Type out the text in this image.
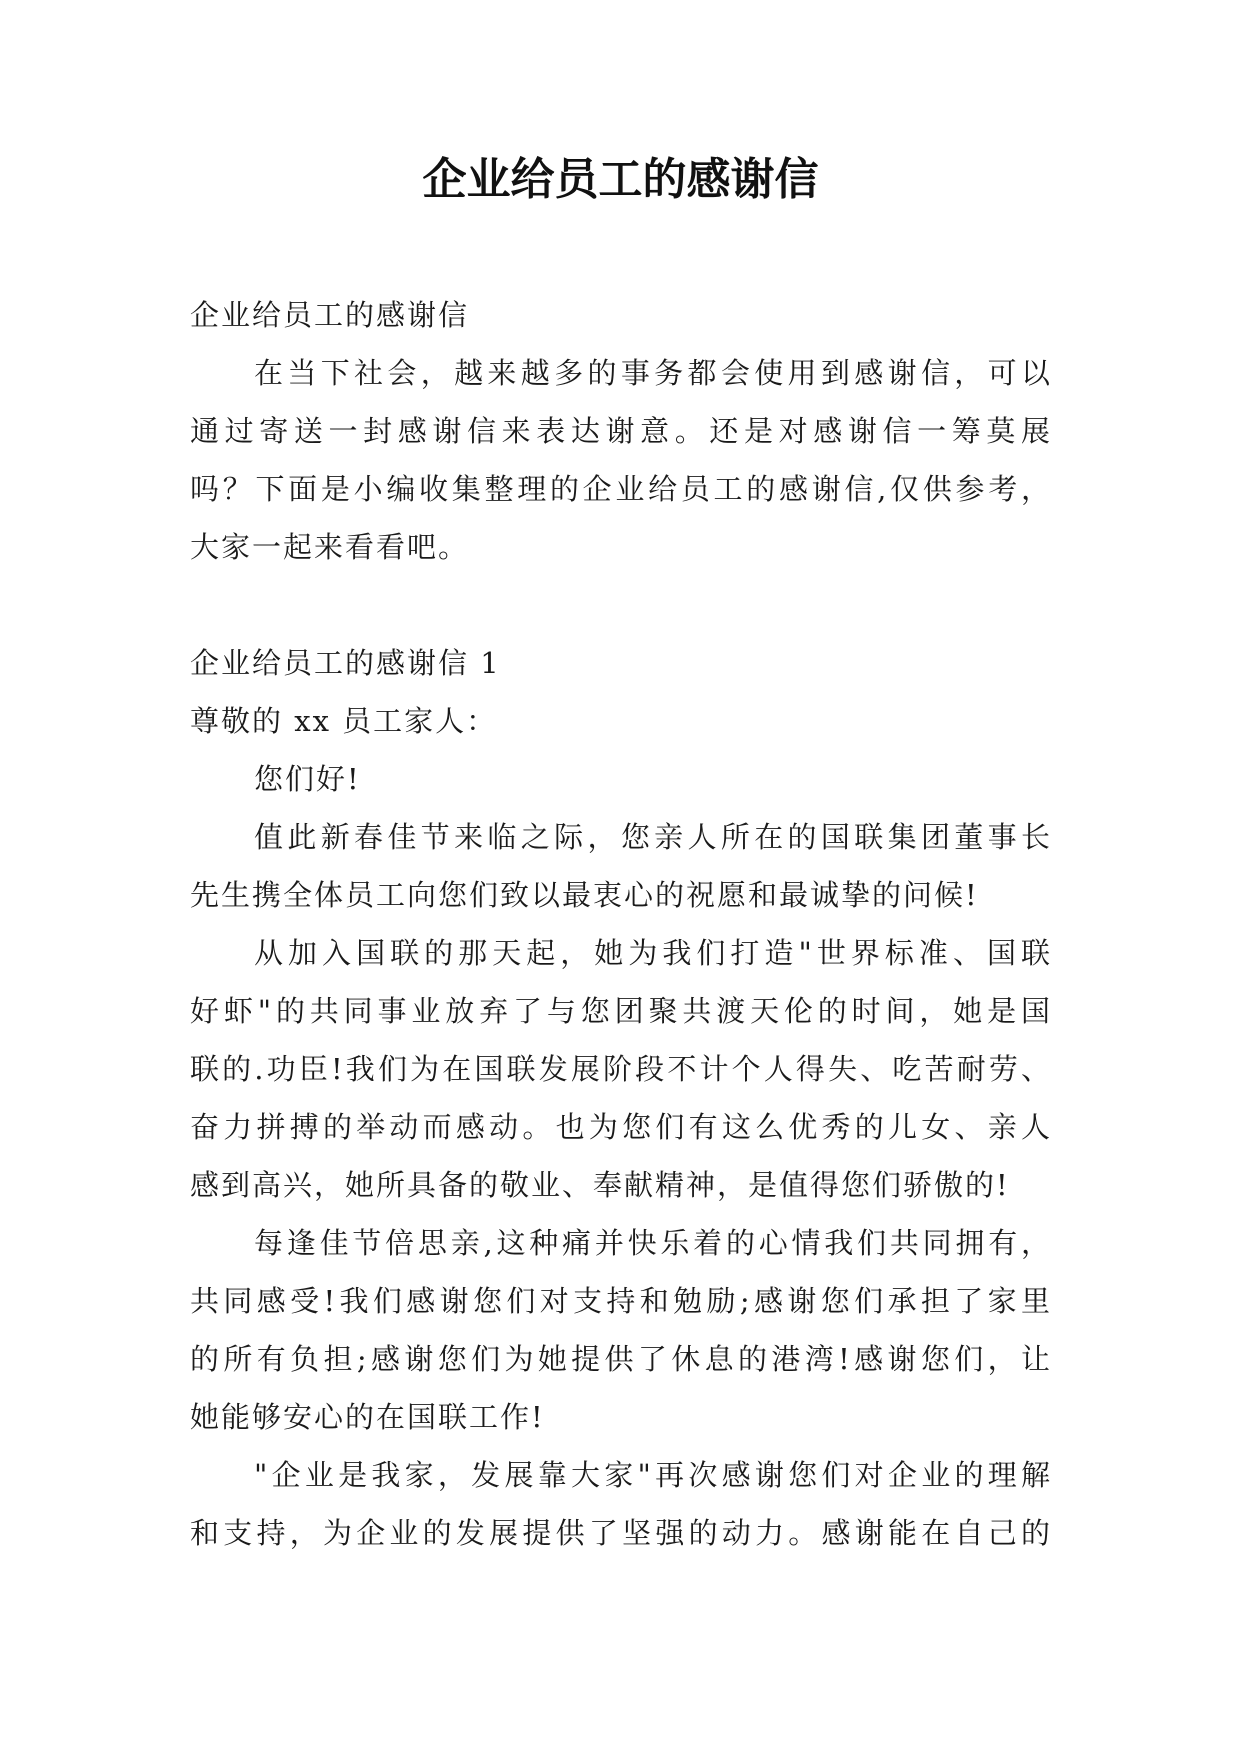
企业给员工的感谢信
企业给员工的感谢信
在当下社会，越来越多的事务都会使用到感谢信，可以
通过寄送一封感谢信来表达谢意。还是对感谢信一筹莫展
吗？下面是小编收集整理的企业给员工的感谢信,仅供参考，
大家一起来看看吧。
企业给员工的感谢信 1
尊敬的 xx 员工家人：
您们好!
值此新春佳节来临之际，您亲人所在的国联集团董事长
先生携全体员工向您们致以最衷心的祝愿和最诚挚的问候!
从加入国联的那天起，她为我们打造"世界标准、国联
好虾"的共同事业放弃了与您团聚共渡天伦的时间，她是国
联的.功臣!我们为在国联发展阶段不计个人得失、吃苦耐劳、
奋力拼搏的举动而感动。也为您们有这么优秀的儿女、亲人
感到高兴，她所具备的敬业、奉献精神，是值得您们骄傲的!
每逢佳节倍思亲,这种痛并快乐着的心情我们共同拥有，
共同感受!我们感谢您们对支持和勉励;感谢您们承担了家里
的所有负担;感谢您们为她提供了休息的港湾!感谢您们，让
她能够安心的在国联工作!
"企业是我家，发展靠大家"再次感谢您们对企业的理解
和支持，为企业的发展提供了坚强的动力。感谢能在自己的
